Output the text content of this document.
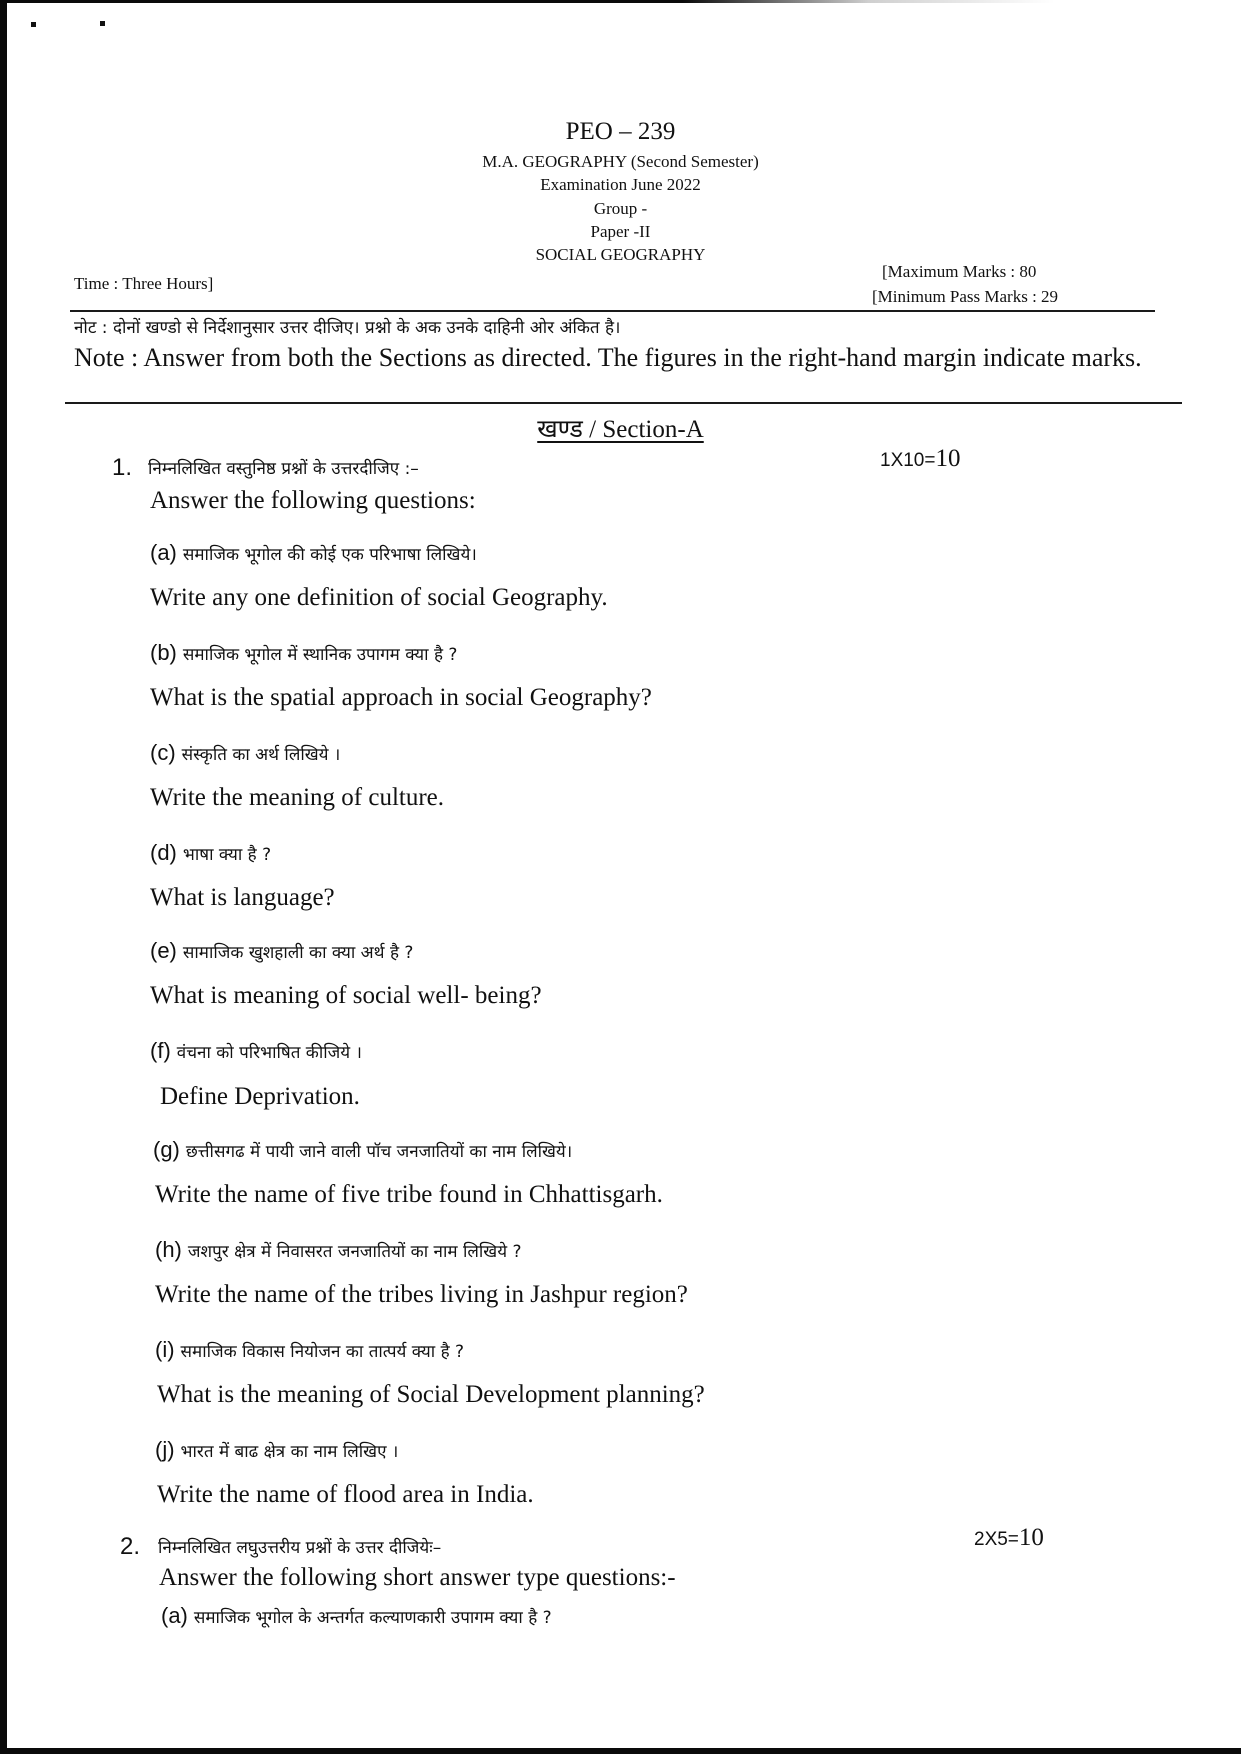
PEO – 239
M.A. GEOGRAPHY (Second Semester)
Examination June 2022
Group -
Paper -II
SOCIAL GEOGRAPHY
Time : Three Hours]
[Maximum Marks : 80
[Minimum Pass Marks : 29
नोट : दोनों खण्डो से निर्देशानुसार उत्तर दीजिए। प्रश्नो के अक उनके दाहिनी ओर अंकित है।
Note : Answer from both the Sections as directed. The figures in the right-hand margin indicate marks.
खण्ड / Section-A
1. निम्नलिखित वस्तुनिष्ठ प्रश्नों के उत्तरदीजिए :–	1X10=10
Answer the following questions:
(a) समाजिक भूगोल की कोई एक परिभाषा लिखिये।
Write any one definition of social Geography.
(b) समाजिक भूगोल में स्थानिक उपागम क्या है ?
What is the spatial approach in social Geography?
(c) संस्कृति का अर्थ लिखिये ।
Write the meaning of culture.
(d) भाषा क्या है ?
What is language?
(e) सामाजिक खुशहाली का क्या अर्थ है ?
What is meaning of social well- being?
(f) वंचना को परिभाषित कीजिये ।
Define Deprivation.
(g) छत्तीसगढ में पायी जाने वाली पॉच जनजातियों का नाम लिखिये।
Write the name of five tribe found in Chhattisgarh.
(h) जशपुर क्षेत्र में निवासरत जनजातियों का नाम लिखिये ?
Write the name of the tribes living in Jashpur region?
(i) समाजिक विकास नियोजन का तात्पर्य क्या है ?
What is the meaning of Social Development planning?
(j) भारत में बाढ क्षेत्र का नाम लिखिए ।
Write the name of flood area in India.
2. निम्नलिखित लघुउत्तरीय प्रश्नों के उत्तर दीजियेः–	2X5=10
Answer the following short answer type questions:-
(a) समाजिक भूगोल के अन्तर्गत कल्याणकारी उपागम क्या है ?
